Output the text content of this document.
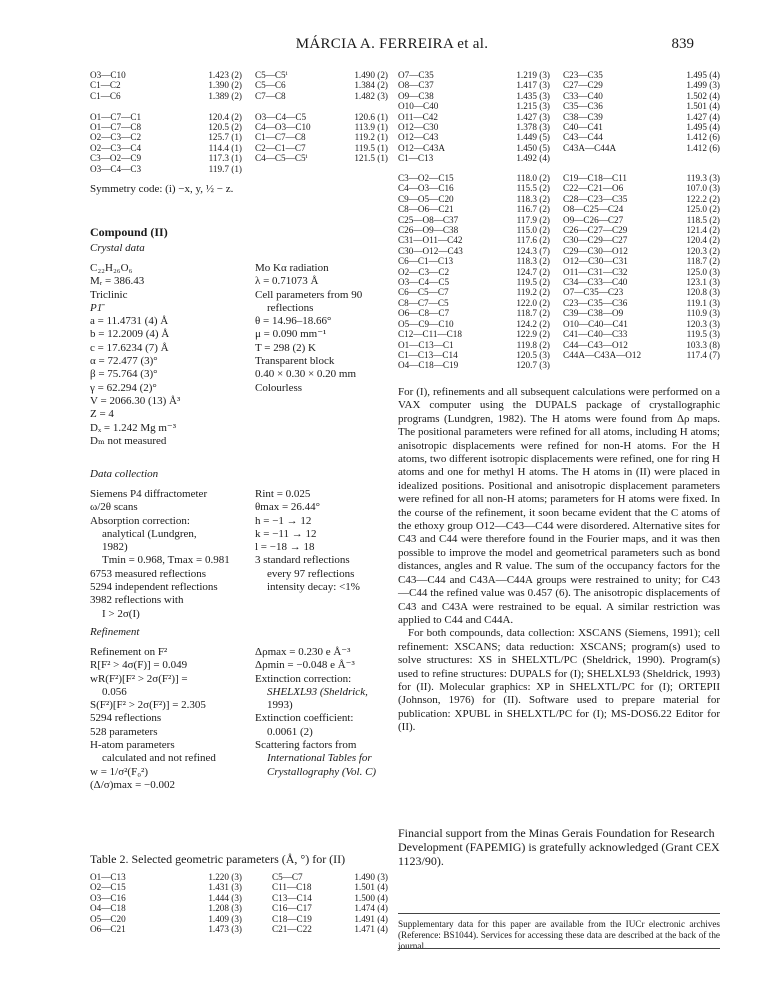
MÁRCIA A. FERREIRA et al.	839
O3—C10	1.423 (2)
C1—C2	1.390 (2)
C1—C6	1.389 (2)

O1—C7—C1	120.4 (2)
O1—C7—C8	120.5 (2)
O2—C3—C2	125.7 (1)
O2—C3—C4	114.4 (1)
C3—O2—C9	117.3 (1)
O3—C4—C3	119.7 (1)
C5—C5ⁱ	1.490 (2)
C5—C6	1.384 (2)
C7—C8	1.482 (3)

O3—C4—C5	120.6 (1)
C4—O3—C10	113.9 (1)
C1—C7—C8	119.2 (1)
C2—C1—C7	119.5 (1)
C4—C5—C5ⁱ	121.5 (1)
O7—C35	1.219 (3)
O8—C37	1.417 (3)
O9—C38	1.435 (3)
O10—C40	1.215 (3)
O11—C42	1.427 (3)
O12—C30	1.378 (3)
O12—C43	1.449 (5)
O12—C43A	1.450 (5)
C1—C13	1.492 (4)
C23—C35	1.495 (4)
C27—C29	1.499 (3)
C33—C40	1.502 (4)
C35—C36	1.501 (4)
C38—C39	1.427 (4)
C40—C41	1.495 (4)
C43—C44	1.412 (6)
C43A—C44A	1.412 (6)
C3—O2—C15	118.0 (2)
C4—O3—C16	115.5 (2)
C9—O5—C20	118.3 (2)
C8—O6—C21	116.7 (2)
C25—O8—C37	117.9 (2)
C26—O9—C38	115.0 (2)
C31—O11—C42	117.6 (2)
C30—O12—C43	124.3 (7)
C6—C1—C13	118.3 (2)
O2—C3—C2	124.7 (2)
O3—C4—C5	119.5 (2)
C6—C5—C7	119.2 (2)
C8—C7—C5	122.0 (2)
O6—C8—C7	118.7 (2)
O5—C9—C10	124.2 (2)
C12—C11—C18	122.9 (2)
O1—C13—C1	119.8 (2)
C1—C13—C14	120.5 (3)
O4—C18—C19	120.7 (3)
C19—C18—C11	119.3 (3)
C22—C21—O6	107.0 (3)
C28—C23—C35	122.2 (2)
O8—C25—C24	125.0 (2)
O9—C26—C27	118.5 (2)
C26—C27—C29	121.4 (2)
C30—C29—C27	120.4 (2)
C29—C30—O12	120.3 (2)
O12—C30—C31	118.7 (2)
O11—C31—C32	125.0 (3)
C34—C33—C40	123.1 (3)
O7—C35—C23	120.8 (3)
C23—C35—C36	119.1 (3)
C39—C38—O9	110.9 (3)
O10—C40—C41	120.3 (3)
C41—C40—C33	119.5 (3)
C44—C43—O12	103.3 (8)
C44A—C43A—O12	117.4 (7)
Symmetry code: (i) −x, y, ½ − z.
Compound (II)
Crystal data
C₂₂H₂₆O₆
Mᵣ = 386.43
Triclinic
P1̄
a = 11.4731 (4) Å
b = 12.2009 (4) Å
c = 17.6234 (7) Å
α = 72.477 (3)°
β = 75.764 (3)°
γ = 62.294 (2)°
V = 2066.30 (13) Å³
Z = 4
Dₓ = 1.242 Mg m⁻³
Dₘ not measured
Mo Kα radiation
λ = 0.71073 Å
Cell parameters from 90
reflections
θ = 14.96–18.66°
μ = 0.090 mm⁻¹
T = 298 (2) K
Transparent block
0.40 × 0.30 × 0.20 mm
Colourless
Data collection
Siemens P4 diffractometer
ω/2θ scans
Absorption correction:
analytical (Lundgren,
1982)
Tmin = 0.968, Tmax = 0.981
6753 measured reflections
5294 independent reflections
3982 reflections with
I > 2σ(I)
Rint = 0.025
θmax = 26.44°
h = −1 → 12
k = −11 → 12
l = −18 → 18
3 standard reflections
every 97 reflections
intensity decay: <1%
Refinement
Refinement on F²
R[F² > 4σ(F)] = 0.049
wR(F²)[F² > 2σ(F²)] =
0.056
S(F²)[F² > 2σ(F²)] = 2.305
5294 reflections
528 parameters
H-atom parameters
calculated and not refined
w = 1/σ²(F₀²)
(Δ/σ)max = −0.002
Δρmax = 0.230 e Å⁻³
Δρmin = −0.048 e Å⁻³
Extinction correction:
SHELXL93 (Sheldrick,
1993)
Extinction coefficient:
0.0061 (2)
Scattering factors from
International Tables for
Crystallography (Vol. C)
Table 2. Selected geometric parameters (Å, °) for (II)
O1—C13	1.220 (3)
O2—C15	1.431 (3)
O3—C16	1.444 (3)
O4—C18	1.208 (3)
O5—C20	1.409 (3)
O6—C21	1.473 (3)
C5—C7	1.490 (3)
C11—C18	1.501 (4)
C13—C14	1.500 (4)
C16—C17	1.474 (4)
C18—C19	1.491 (4)
C21—C22	1.471 (4)

For (I), refinements and all subsequent calculations were performed on a VAX computer using the DUPALS package of crystallographic programs (Lundgren, 1982). The H atoms were found from Δρ maps. The positional parameters were refined for all atoms, including H atoms; anisotropic displacements were refined for non-H atoms. For the H atoms, two different isotropic displacements were refined, one for ring H atoms and one for methyl H atoms. The H atoms in (II) were placed in idealized positions. Positional and anisotropic displacement parameters were refined for all non-H atoms; parameters for H atoms were fixed. In the course of the refinement, it soon became evident that the C atoms of the ethoxy group O12—C43—C44 were disordered. Alternative sites for C43 and C44 were therefore found in the Fourier maps, and it was then possible to improve the model and geometrical parameters such as bond distances, angles and R value. The sum of the occupancy factors for the C43—C44 and C43A—C44A groups were restrained to unity; for C43—C44 the refined value was 0.457 (6). The anisotropic displacements of C43 and C43A were restrained to be equal. A similar restriction was applied to C44 and C44A.

For both compounds, data collection: XSCANS (Siemens, 1991); cell refinement: XSCANS; data reduction: XSCANS; program(s) used to solve structures: XS in SHELXTL/PC (Sheldrick, 1990). Program(s) used to refine structures: DUPALS for (I); SHELXL93 (Sheldrick, 1993) for (II). Molecular graphics: XP in SHELXTL/PC for (I); ORTEPII (Johnson, 1976) for (II). Software used to prepare material for publication: XPUBL in SHELXTL/PC for (I); MS-DOS6.22 Editor for (II).

Financial support from the Minas Gerais Foundation for Research Development (FAPEMIG) is gratefully acknowledged (Grant CEX 1123/90).
Supplementary data for this paper are available from the IUCr electronic archives (Reference: BS1044). Services for accessing these data are described at the back of the journal.
